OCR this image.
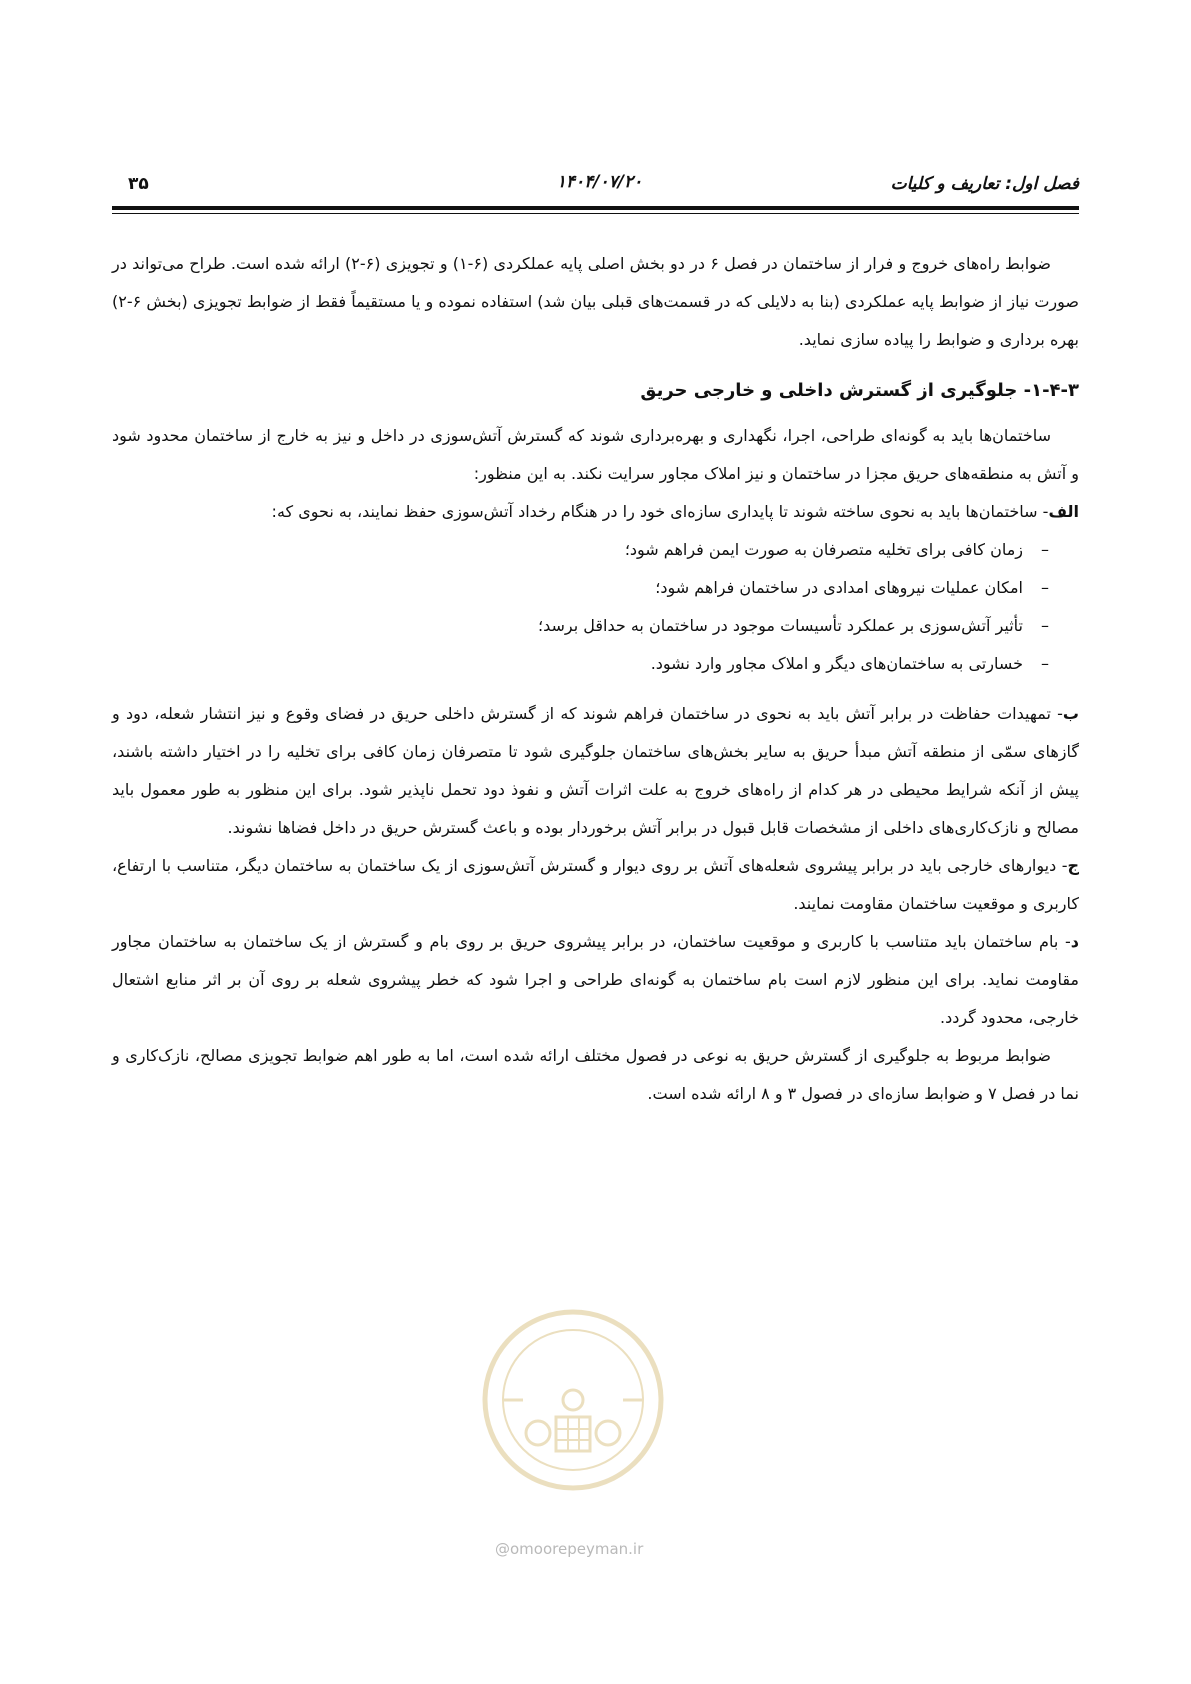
فصل اول: تعاریف و کلیات
۱۴۰۴/۰۷/۲۰
۳۵

ضوابط راه‌های خروج و فرار از ساختمان در فصل ۶ در دو بخش اصلی پایه عملکردی (۶-۱) و تجویزی (۶-۲) ارائه شده است. طراح می‌تواند در صورت نیاز از ضوابط پایه عملکردی (بنا به دلایلی که در قسمت‌های قبلی بیان شد) استفاده نموده و یا مستقیماً فقط از ضوابط تجویزی (بخش ۶-۲) بهره برداری و ضوابط را پیاده سازی نماید.

۱-۴-۳- جلوگیری از گسترش داخلی و خارجی حریق

ساختمان‌ها باید به گونه‌ای طراحی، اجرا، نگهداری و بهره‌برداری شوند که گسترش آتش‌سوزی در داخل و نیز به خارج از ساختمان محدود شود و آتش به منطقه‌های حریق مجزا در ساختمان و نیز املاک مجاور سرایت نکند. به این منظور:

الف- ساختمان‌ها باید به نحوی ساخته شوند تا پایداری سازه‌ای خود را در هنگام رخداد آتش‌سوزی حفظ نمایند، به نحوی که:

– زمان کافی برای تخلیه متصرفان به صورت ایمن فراهم شود؛
– امکان عملیات نیروهای امدادی در ساختمان فراهم شود؛
– تأثیر آتش‌سوزی بر عملکرد تأسیسات موجود در ساختمان به حداقل برسد؛
– خسارتی به ساختمان‌های دیگر و املاک مجاور وارد نشود.

ب- تمهیدات حفاظت در برابر آتش باید به نحوی در ساختمان فراهم شوند که از گسترش داخلی حریق در فضای وقوع و نیز انتشار شعله، دود و گازهای سمّی از منطقه آتش مبدأ حریق به سایر بخش‌های ساختمان جلوگیری شود تا متصرفان زمان کافی برای تخلیه را در اختیار داشته باشند، پیش از آنکه شرایط محیطی در هر کدام از راه‌های خروج به علت اثرات آتش و نفوذ دود تحمل ناپذیر شود. برای این منظور به طور معمول باید مصالح و نازک‌کاری‌های داخلی از مشخصات قابل قبول در برابر آتش برخوردار بوده و باعث گسترش حریق در داخل فضاها نشوند.

ج- دیوارهای خارجی باید در برابر پیشروی شعله‌های آتش بر روی دیوار و گسترش آتش‌سوزی از یک ساختمان به ساختمان دیگر، متناسب با ارتفاع، کاربری و موقعیت ساختمان مقاومت نمایند.

د- بام ساختمان باید متناسب با کاربری و موقعیت ساختمان، در برابر پیشروی حریق بر روی بام و گسترش از یک ساختمان به ساختمان مجاور مقاومت نماید. برای این منظور لازم است بام ساختمان به گونه‌ای طراحی و اجرا شود که خطر پیشروی شعله بر روی آن بر اثر منابع اشتعال خارجی، محدود گردد.

ضوابط مربوط به جلوگیری از گسترش حریق به نوعی در فصول مختلف ارائه شده است، اما به طور اهم ضوابط تجویزی مصالح، نازک‌کاری و نما در فصل ۷ و ضوابط سازه‌ای در فصول ۳ و ۸ ارائه شده است.

@omoorepeyman.ir
